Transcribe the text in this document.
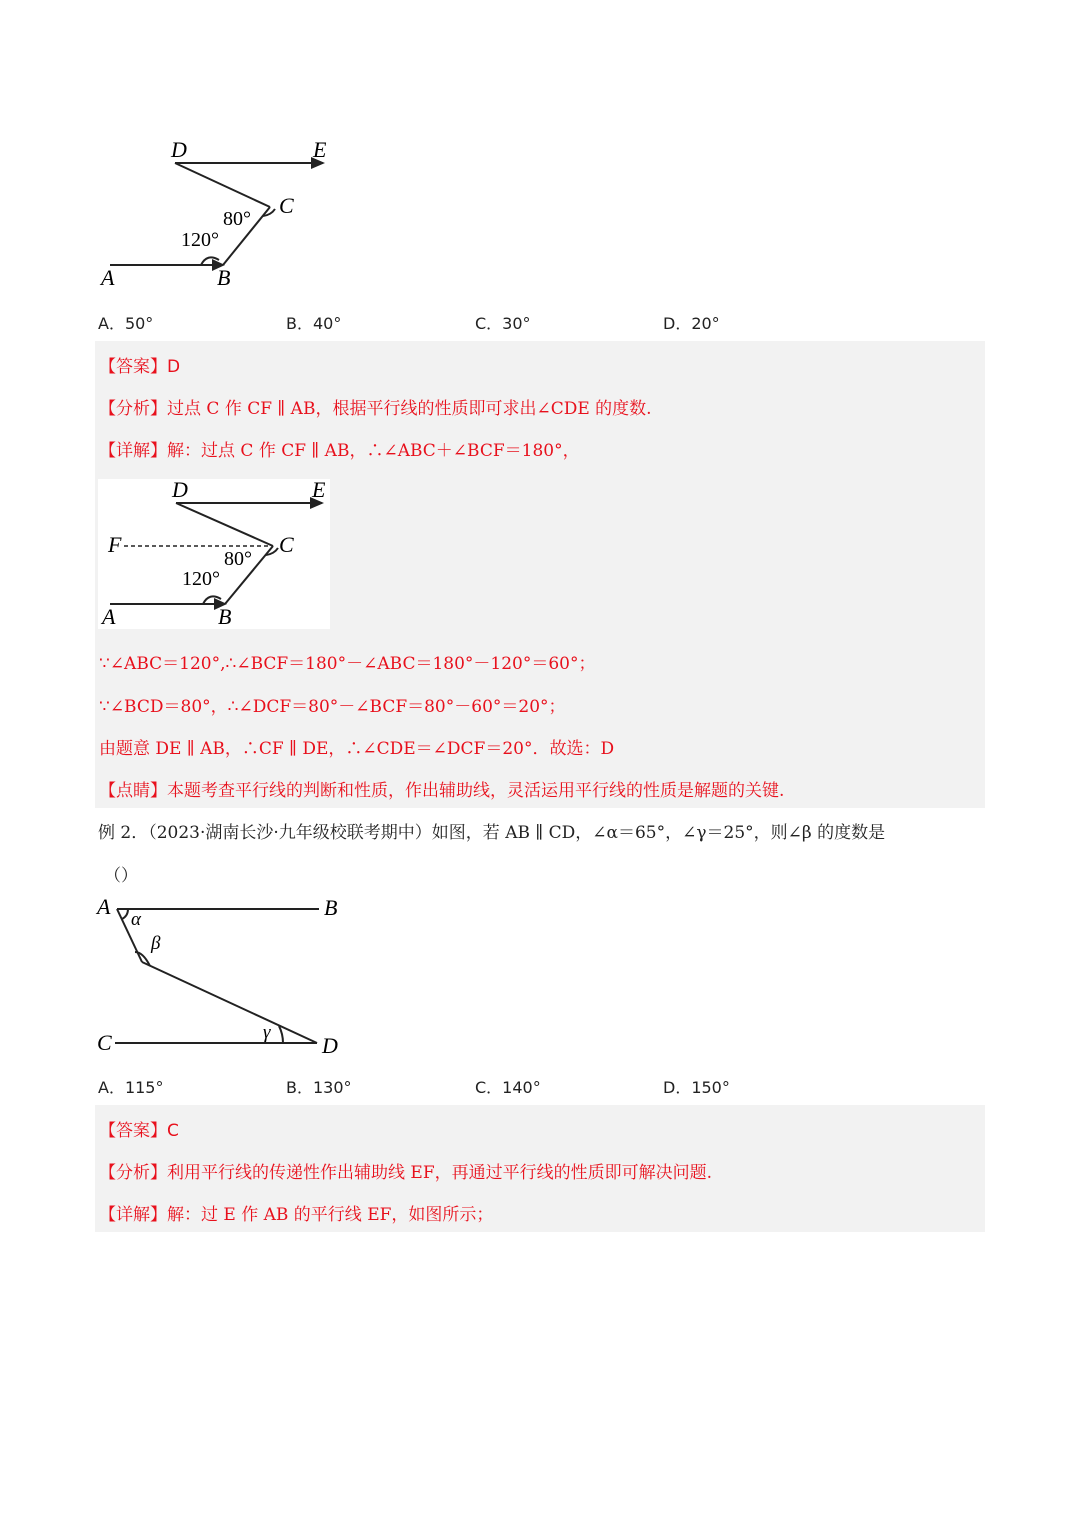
D	E
C
A	B
80°
120°
A．50°	B．40°	C．30°	D．20°
【答案】D
【分析】过点 C 作 CF ∥ AB，根据平行线的性质即可求出∠CDE 的度数.
【详解】解：过点 C 作 CF ∥ AB，∴∠ABC＋∠BCF＝180°，
D	E
F	C
A	B
80°
120°
∵∠ABC＝120°,∴∠BCF＝180°－∠ABC＝180°－120°＝60°；
∵∠BCD＝80°，∴∠DCF＝80°－∠BCF＝80°－60°＝20°；
由题意 DE ∥ AB，∴CF ∥ DE，∴∠CDE＝∠DCF＝20°．故选：D
【点睛】本题考查平行线的判断和性质，作出辅助线，灵活运用平行线的性质是解题的关键.
例 2．（2023·湖南长沙·九年级校联考期中）如图，若 AB ∥ CD，∠α＝65°，∠γ＝25°，则∠β 的度数是
（）
A	B
C	D
α
β
γ
A．115°	B．130°	C．140°	D．150°
【答案】C
【分析】利用平行线的传递性作出辅助线 EF，再通过平行线的性质即可解决问题.
【详解】解：过 E 作 AB 的平行线 EF，如图所示；
